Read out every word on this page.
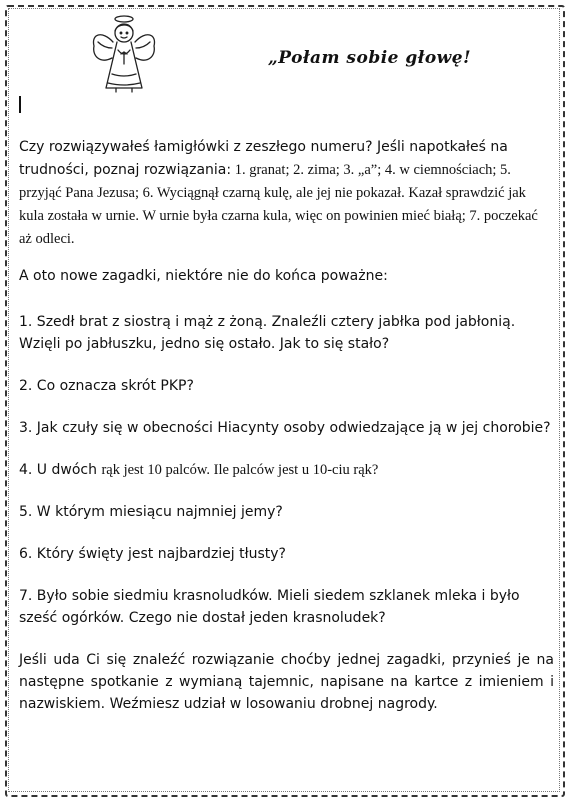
„Połam sobie głowę!

Czy rozwiązywałeś łamigłówki z zeszłego numeru? Jeśli napotkałeś na trudności, poznaj rozwiązania: 1. granat; 2. zima; 3. „a”; 4. w ciemnościach; 5. przyjąć Pana Jezusa; 6. Wyciągnął czarną kulę, ale jej nie pokazał. Kazał sprawdzić jak kula została w urnie. W urnie była czarna kula, więc on powinien mieć białą; 7. poczekać aż odleci.

A oto nowe zagadki, niektóre nie do końca poważne:

1. Szedł brat z siostrą i mąż z żoną. Znaleźli cztery jabłka pod jabłonią. Wzięli po jabłuszku, jedno się ostało. Jak to się stało?

2. Co oznacza skrót PKP?

3. Jak czuły się w obecności Hiacynty osoby odwiedzające ją w jej chorobie?

4. U dwóch rąk jest 10 palców. Ile palców jest u 10-ciu rąk?

5. W którym miesiącu najmniej jemy?

6. Który święty jest najbardziej tłusty?

7. Było sobie siedmiu krasnoludków. Mieli siedem szklanek mleka i było sześć ogórków. Czego nie dostał jeden krasnoludek?

Jeśli uda Ci się znaleźć rozwiązanie choćby jednej zagadki, przynieś je na następne spotkanie z wymianą tajemnic, napisane na kartce z imieniem i nazwiskiem. Weźmiesz udział w losowaniu drobnej nagrody.
